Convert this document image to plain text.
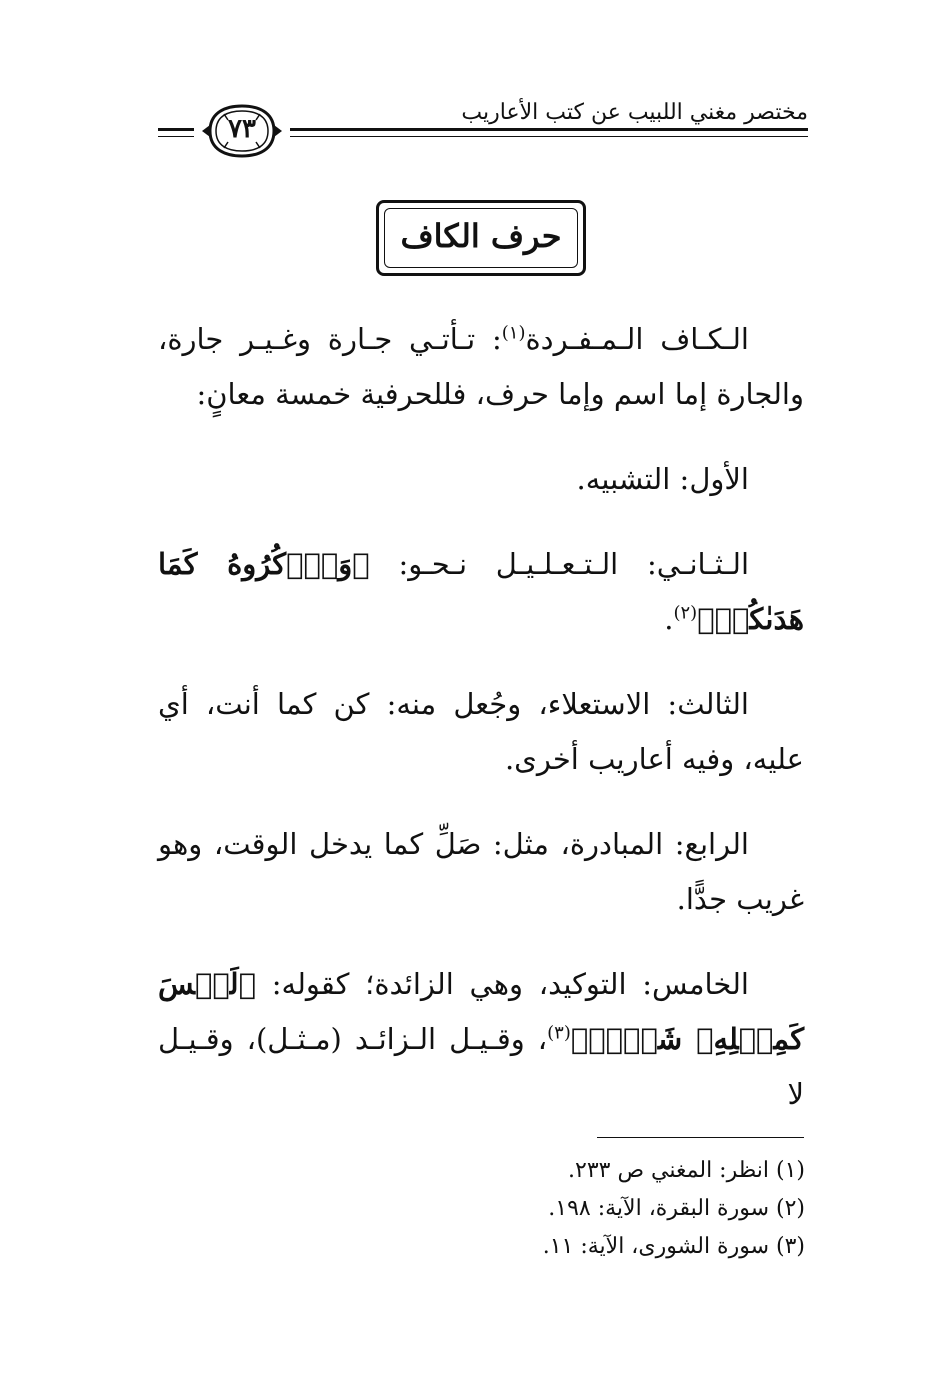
مختصر مغني اللبيب عن كتب الأعاريب
٧٣
حرف الكاف

الـكـاف الـمـفـردة$^{(١)}$: تـأتـي جـارة وغـيـر جارة، والجارة إما اسم وإما حرف، فللحرفية خمسة معانٍ:

الأول: التشبيه.

الـثـانـي: الـتـعـلـيـل نـحـو: ﴿وَٱذۡكُرُوهُ كَمَا هَدَىٰكُمۡ﴾$^{(٢)}$.

الثالث: الاستعلاء، وجُعل منه: كن كما أنت، أي عليه، وفيه أعاريب أخرى.

الرابع: المبادرة، مثل: صَلِّ كما يدخل الوقت، وهو غريب جدًّا.

الخامس: التوكيد، وهي الزائدة؛ كقوله: ﴿لَيۡسَ كَمِثۡلِهِۦ شَيۡءٞ﴾$^{(٣)}$، وقـيـل الـزائـد (مـثـل)، وقـيـل لا

(١) انظر: المغني ص ٢٣٣.

(٢) سورة البقرة، الآية: ١٩٨.

(٣) سورة الشورى، الآية: ١١.
